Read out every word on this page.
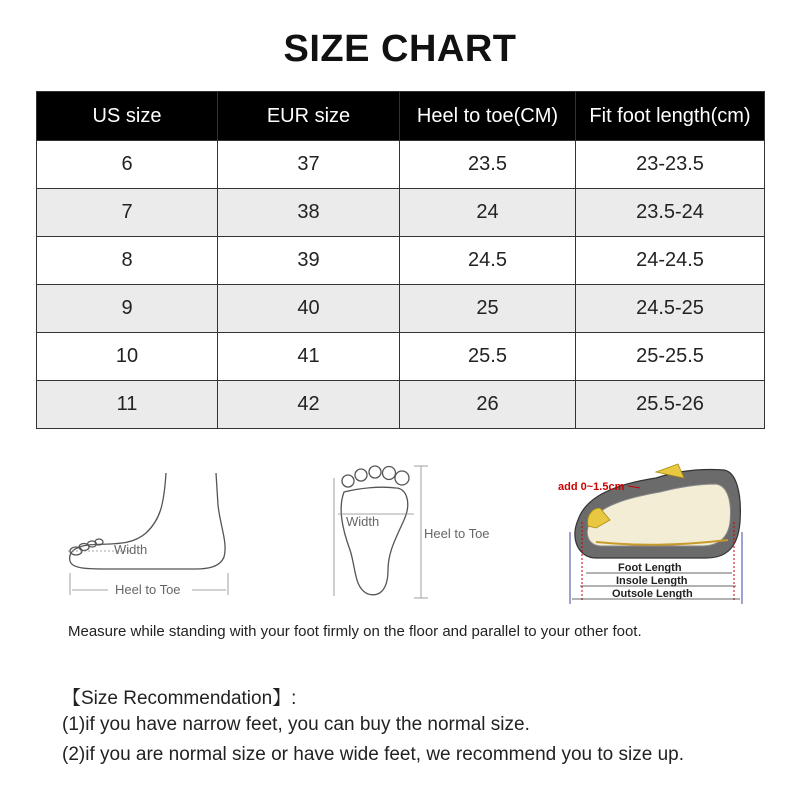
SIZE CHART
US size	EUR size	Heel to toe(CM)	Fit foot length(cm)
6	37	23.5	23-23.5
7	38	24	23.5-24
8	39	24.5	24-24.5
9	40	25	24.5-25
10	41	25.5	25-25.5
11	42	26	25.5-26
Width
Heel to Toe
Width
Heel to Toe
add 0~1.5cm
Foot Length
Insole Length
Outsole Length
Measure while standing with your foot firmly on the floor and parallel to your other foot.
【Size Recommendation】:
(1)if you have narrow feet, you can buy the normal size.
(2)if you are normal size or have wide feet, we recommend you to size up.
